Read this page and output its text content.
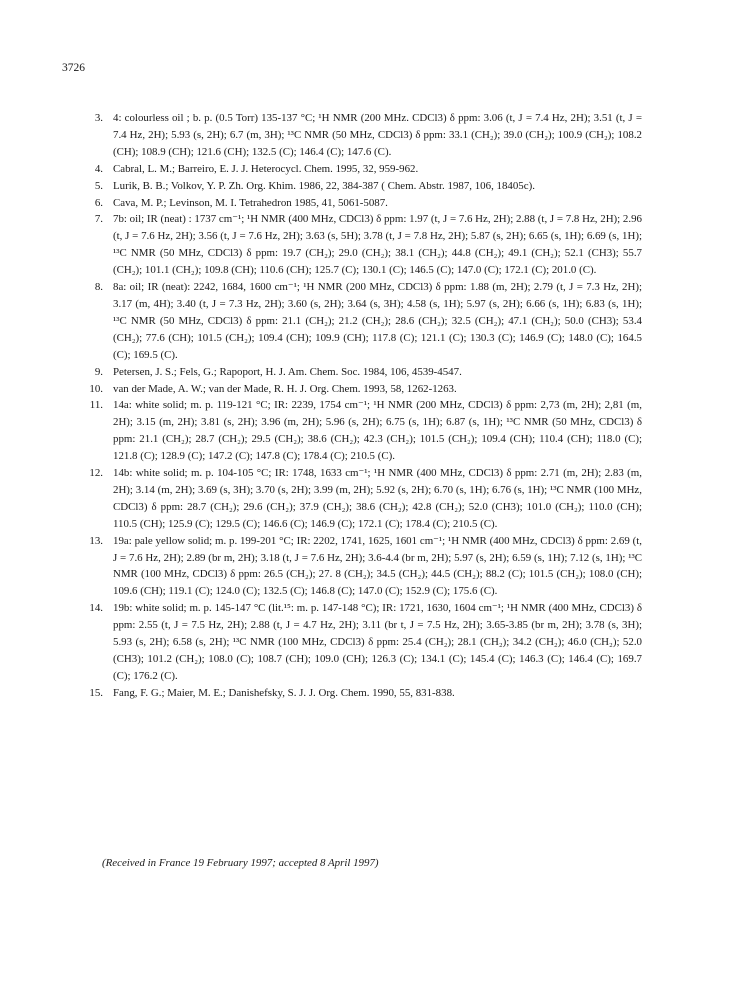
3726
3. 4: colourless oil ; b. p. (0.5 Torr) 135-137 °C; ¹H NMR (200 MHz. CDCl3) δ ppm: 3.06 (t, J = 7.4 Hz, 2H); 3.51 (t, J = 7.4 Hz, 2H); 5.93 (s, 2H); 6.7 (m, 3H); ¹³C NMR (50 MHz, CDCl3) δ ppm: 33.1 (CH₂); 39.0 (CH₂); 100.9 (CH₂); 108.2 (CH); 108.9 (CH); 121.6 (CH); 132.5 (C); 146.4 (C); 147.6 (C).
4. Cabral, L. M.; Barreiro, E. J. J. Heterocycl. Chem. 1995, 32, 959-962.
5. Lurik, B. B.; Volkov, Y. P. Zh. Org. Khim. 1986, 22, 384-387 ( Chem. Abstr. 1987, 106, 18405c).
6. Cava, M. P.; Levinson, M. I. Tetrahedron 1985, 41, 5061-5087.
7. 7b: oil; IR (neat) : 1737 cm⁻¹; ¹H NMR (400 MHz, CDCl3) δ ppm: 1.97 (t, J = 7.6 Hz, 2H); 2.88 (t, J = 7.8 Hz, 2H); 2.96 (t, J = 7.6 Hz, 2H); 3.56 (t, J = 7.6 Hz, 2H); 3.63 (s, 5H); 3.78 (t, J = 7.8 Hz, 2H); 5.87 (s, 2H); 6.65 (s, 1H); 6.69 (s, 1H); ¹³C NMR (50 MHz, CDCl3) δ ppm: 19.7 (CH₂); 29.0 (CH₂); 38.1 (CH₂); 44.8 (CH₂); 49.1 (CH₂); 52.1 (CH3); 55.7 (CH₂); 101.1 (CH₂); 109.8 (CH); 110.6 (CH); 125.7 (C); 130.1 (C); 146.5 (C); 147.0 (C); 172.1 (C); 201.0 (C).
8. 8a: oil; IR (neat): 2242, 1684, 1600 cm⁻¹; ¹H NMR (200 MHz, CDCl3) δ ppm: 1.88 (m, 2H); 2.79 (t, J = 7.3 Hz, 2H); 3.17 (m, 4H); 3.40 (t, J = 7.3 Hz, 2H); 3.60 (s, 2H); 3.64 (s, 3H); 4.58 (s, 1H); 5.97 (s, 2H); 6.66 (s, 1H); 6.83 (s, 1H); ¹³C NMR (50 MHz, CDCl3) δ ppm: 21.1 (CH₂); 21.2 (CH₂); 28.6 (CH₂); 32.5 (CH₂); 47.1 (CH₂); 50.0 (CH3); 53.4 (CH₂); 77.6 (CH); 101.5 (CH₂); 109.4 (CH); 109.9 (CH); 117.8 (C); 121.1 (C); 130.3 (C); 146.9 (C); 148.0 (C); 164.5 (C); 169.5 (C).
9. Petersen, J. S.; Fels, G.; Rapoport, H. J. Am. Chem. Soc. 1984, 106, 4539-4547.
10. van der Made, A. W.; van der Made, R. H. J. Org. Chem. 1993, 58, 1262-1263.
11. 14a: white solid; m. p. 119-121 °C; IR: 2239, 1754 cm⁻¹; ¹H NMR (200 MHz, CDCl3) δ ppm: 2,73 (m, 2H); 2,81 (m, 2H); 3.15 (m, 2H); 3.81 (s, 2H); 3.96 (m, 2H); 5.96 (s, 2H); 6.75 (s, 1H); 6.87 (s, 1H); ¹³C NMR (50 MHz, CDCl3) δ ppm: 21.1 (CH₂); 28.7 (CH₂); 29.5 (CH₂); 38.6 (CH₂); 42.3 (CH₂); 101.5 (CH₂); 109.4 (CH); 110.4 (CH); 118.0 (C); 121.8 (C); 128.9 (C); 147.2 (C); 147.8 (C); 178.4 (C); 210.5 (C).
12. 14b: white solid; m. p. 104-105 °C; IR: 1748, 1633 cm⁻¹; ¹H NMR (400 MHz, CDCl3) δ ppm: 2.71 (m, 2H); 2.83 (m, 2H); 3.14 (m, 2H); 3.69 (s, 3H); 3.70 (s, 2H); 3.99 (m, 2H); 5.92 (s, 2H); 6.70 (s, 1H); 6.76 (s, 1H); ¹³C NMR (100 MHz, CDCl3) δ ppm: 28.7 (CH₂); 29.6 (CH₂); 37.9 (CH₂); 38.6 (CH₂); 42.8 (CH₂); 52.0 (CH3); 101.0 (CH₂); 110.0 (CH); 110.5 (CH); 125.9 (C); 129.5 (C); 146.6 (C); 146.9 (C); 172.1 (C); 178.4 (C); 210.5 (C).
13. 19a: pale yellow solid; m. p. 199-201 °C; IR: 2202, 1741, 1625, 1601 cm⁻¹; ¹H NMR (400 MHz, CDCl3) δ ppm: 2.69 (t, J = 7.6 Hz, 2H); 2.89 (br m, 2H); 3.18 (t, J = 7.6 Hz, 2H); 3.6-4.4 (br m, 2H); 5.97 (s, 2H); 6.59 (s, 1H); 7.12 (s, 1H); ¹³C NMR (100 MHz, CDCl3) δ ppm: 26.5 (CH₂); 27. 8 (CH₂); 34.5 (CH₂); 44.5 (CH₂); 88.2 (C); 101.5 (CH₂); 108.0 (CH); 109.6 (CH); 119.1 (C); 124.0 (C); 132.5 (C); 146.8 (C); 147.0 (C); 152.9 (C); 175.6 (C).
14. 19b: white solid; m. p. 145-147 °C (lit.¹⁵: m. p. 147-148 °C); IR: 1721, 1630, 1604 cm⁻¹; ¹H NMR (400 MHz, CDCl3) δ ppm: 2.55 (t, J = 7.5 Hz, 2H); 2.88 (t, J = 4.7 Hz, 2H); 3.11 (br t, J = 7.5 Hz, 2H); 3.65-3.85 (br m, 2H); 3.78 (s, 3H); 5.93 (s, 2H); 6.58 (s, 2H); ¹³C NMR (100 MHz, CDCl3) δ ppm: 25.4 (CH₂); 28.1 (CH₂); 34.2 (CH₂); 46.0 (CH₂); 52.0 (CH3); 101.2 (CH₂); 108.0 (C); 108.7 (CH); 109.0 (CH); 126.3 (C); 134.1 (C); 145.4 (C); 146.3 (C); 146.4 (C); 169.7 (C); 176.2 (C).
15. Fang, F. G.; Maier, M. E.; Danishefsky, S. J. J. Org. Chem. 1990, 55, 831-838.
(Received in France 19 February 1997; accepted 8 April 1997)
